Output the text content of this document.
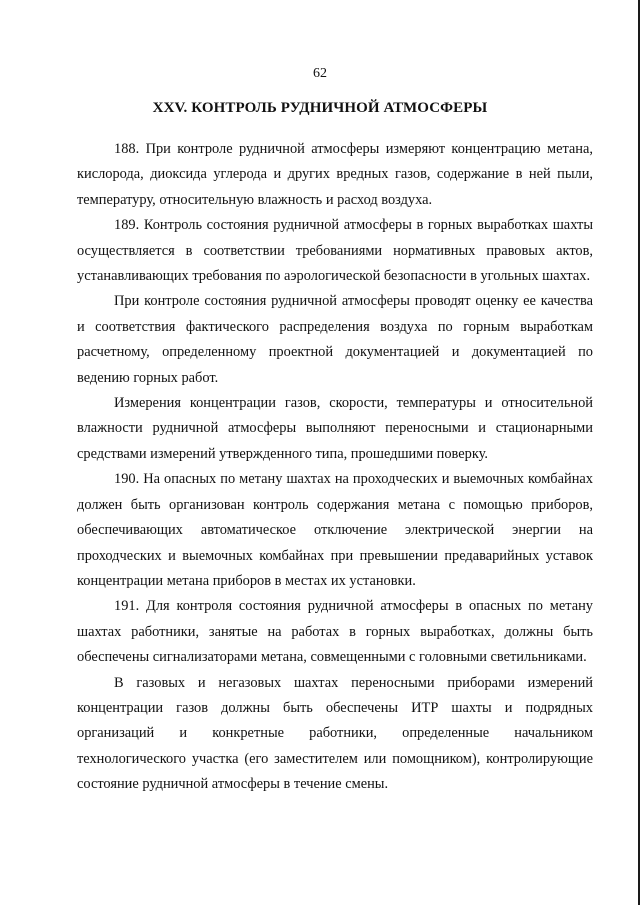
62
XXV. КОНТРОЛЬ РУДНИЧНОЙ АТМОСФЕРЫ

188. При контроле рудничной атмосферы измеряют концентрацию метана, кислорода, диоксида углерода и других вредных газов, содержание в ней пыли, температуру, относительную влажность и расход воздуха.

189. Контроль состояния рудничной атмосферы в горных выработках шахты осуществляется в соответствии требованиями нормативных правовых актов, устанавливающих требования по аэрологической безопасности в угольных шахтах.

При контроле состояния рудничной атмосферы проводят оценку ее качества и соответствия фактического распределения воздуха по горным выработкам расчетному, определенному проектной документацией и документацией по ведению горных работ.

Измерения концентрации газов, скорости, температуры и относительной влажности рудничной атмосферы выполняют переносными и стационарными средствами измерений утвержденного типа, прошедшими поверку.

190. На опасных по метану шахтах на проходческих и выемочных комбайнах должен быть организован контроль содержания метана с помощью приборов, обеспечивающих автоматическое отключение электрической энергии на проходческих и выемочных комбайнах при превышении предаварийных уставок концентрации метана приборов в местах их установки.

191. Для контроля состояния рудничной атмосферы в опасных по метану шахтах работники, занятые на работах в горных выработках, должны быть обеспечены сигнализаторами метана, совмещенными с головными светильниками.

В газовых и негазовых шахтах переносными приборами измерений концентрации газов должны быть обеспечены ИТР шахты и подрядных организаций и конкретные работники, определенные начальником технологического участка (его заместителем или помощником), контролирующие состояние рудничной атмосферы в течение смены.
